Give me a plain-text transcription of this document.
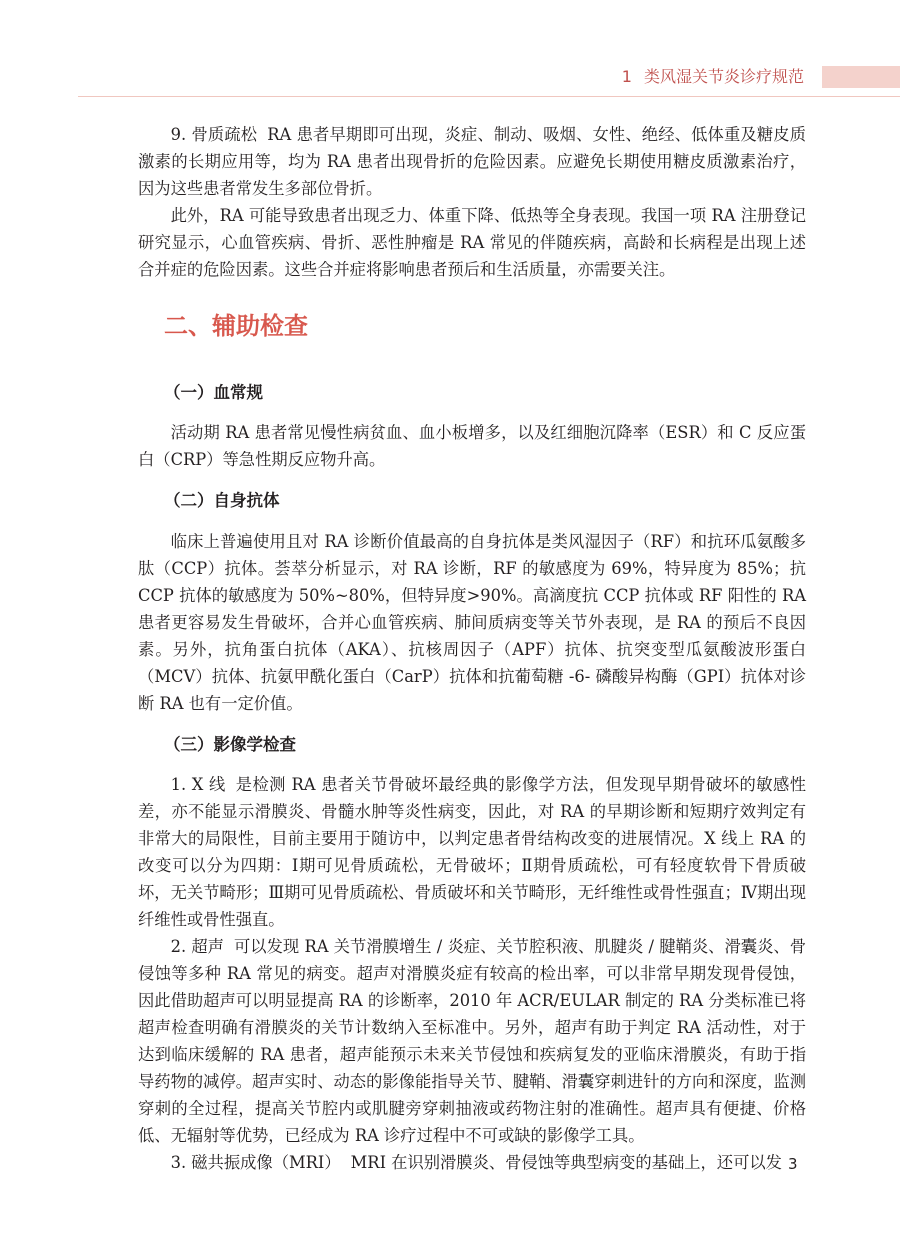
1 类风湿关节炎诊疗规范

9. 骨质疏松 RA 患者早期即可出现，炎症、制动、吸烟、女性、绝经、低体重及糖皮质激素的长期应用等，均为 RA 患者出现骨折的危险因素。应避免长期使用糖皮质激素治疗，因为这些患者常发生多部位骨折。

此外，RA 可能导致患者出现乏力、体重下降、低热等全身表现。我国一项 RA 注册登记研究显示，心血管疾病、骨折、恶性肿瘤是 RA 常见的伴随疾病，高龄和长病程是出现上述合并症的危险因素。这些合并症将影响患者预后和生活质量，亦需要关注。

二、辅助检查
（一）血常规

活动期 RA 患者常见慢性病贫血、血小板增多，以及红细胞沉降率（ESR）和 C 反应蛋白（CRP）等急性期反应物升高。

（二）自身抗体

临床上普遍使用且对 RA 诊断价值最高的自身抗体是类风湿因子（RF）和抗环瓜氨酸多肽（CCP）抗体。荟萃分析显示，对 RA 诊断，RF 的敏感度为 69%，特异度为 85%；抗 CCP 抗体的敏感度为 50%~80%，但特异度>90%。高滴度抗 CCP 抗体或 RF 阳性的 RA 患者更容易发生骨破坏，合并心血管疾病、肺间质病变等关节外表现，是 RA 的预后不良因素。另外，抗角蛋白抗体（AKA）、抗核周因子（APF）抗体、抗突变型瓜氨酸波形蛋白（MCV）抗体、抗氨甲酰化蛋白（CarP）抗体和抗葡萄糖 -6- 磷酸异构酶（GPI）抗体对诊断 RA 也有一定价值。

（三）影像学检查

1. X 线 是检测 RA 患者关节骨破坏最经典的影像学方法，但发现早期骨破坏的敏感性差，亦不能显示滑膜炎、骨髓水肿等炎性病变，因此，对 RA 的早期诊断和短期疗效判定有非常大的局限性，目前主要用于随访中，以判定患者骨结构改变的进展情况。X 线上 RA 的改变可以分为四期：Ⅰ期可见骨质疏松，无骨破坏；Ⅱ期骨质疏松，可有轻度软骨下骨质破坏，无关节畸形；Ⅲ期可见骨质疏松、骨质破坏和关节畸形，无纤维性或骨性强直；Ⅳ期出现纤维性或骨性强直。

2. 超声 可以发现 RA 关节滑膜增生 / 炎症、关节腔积液、肌腱炎 / 腱鞘炎、滑囊炎、骨侵蚀等多种 RA 常见的病变。超声对滑膜炎症有较高的检出率，可以非常早期发现骨侵蚀，因此借助超声可以明显提高 RA 的诊断率，2010 年 ACR/EULAR 制定的 RA 分类标准已将超声检查明确有滑膜炎的关节计数纳入至标准中。另外，超声有助于判定 RA 活动性，对于达到临床缓解的 RA 患者，超声能预示未来关节侵蚀和疾病复发的亚临床滑膜炎，有助于指导药物的减停。超声实时、动态的影像能指导关节、腱鞘、滑囊穿刺进针的方向和深度，监测穿刺的全过程，提高关节腔内或肌腱旁穿刺抽液或药物注射的准确性。超声具有便捷、价格低、无辐射等优势，已经成为 RA 诊疗过程中不可或缺的影像学工具。

3. 磁共振成像（MRI） MRI 在识别滑膜炎、骨侵蚀等典型病变的基础上，还可以发 3
